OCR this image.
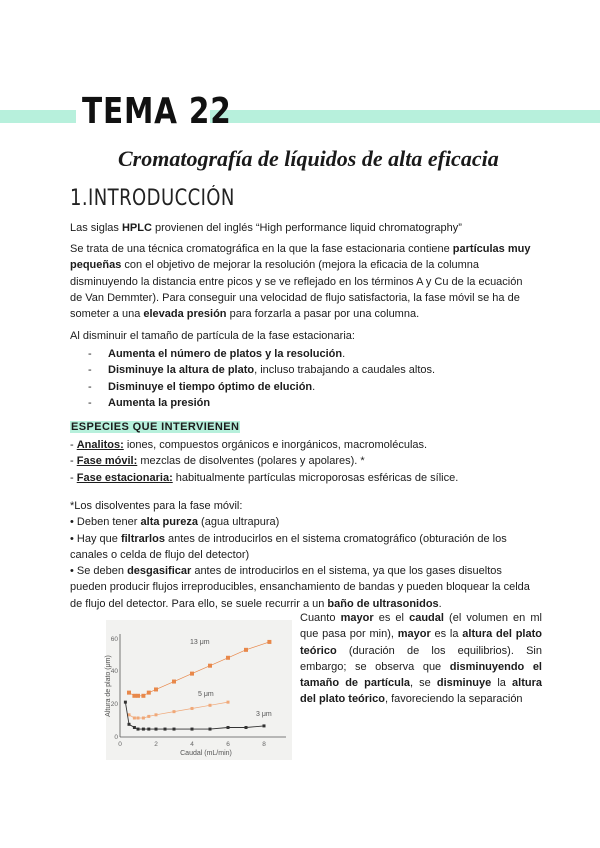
TEMA 22
Cromatografía de líquidos de alta eficacia
1.INTRODUCCIÓN
Las siglas HPLC provienen del inglés “High performance liquid chromatography”
Se trata de una técnica cromatográfica en la que la fase estacionaria contiene partículas muy
pequeñas con el objetivo de mejorar la resolución (mejora la eficacia de la columna
disminuyendo la distancia entre picos y se ve reflejado en los términos A y Cu de la ecuación
de Van Demmter). Para conseguir una velocidad de flujo satisfactoria, la fase móvil se ha de
someter a una elevada presión para forzarla a pasar por una columna.
Al disminuir el tamaño de partícula de la fase estacionaria:
- Aumenta el número de platos y la resolución.
- Disminuye la altura de plato, incluso trabajando a caudales altos.
- Disminuye el tiempo óptimo de elución.
- Aumenta la presión
ESPECIES QUE INTERVIENEN
- Analitos: iones, compuestos orgánicos e inorgánicos, macromoléculas.
- Fase móvil: mezclas de disolventes (polares y apolares). *
- Fase estacionaria: habitualmente partículas microporosas esféricas de sílice.
*Los disolventes para la fase móvil:
• Deben tener alta pureza (agua ultrapura)
• Hay que filtrarlos antes de introducirlos en el sistema cromatográfico (obturación de los
canales o celda de flujo del detector)
• Se deben desgasificar antes de introducirlos en el sistema, ya que los gases disueltos
pueden producir flujos irreproducibles, ensanchamiento de bandas y pueden bloquear la celda
de flujo del detector. Para ello, se suele recurrir a un baño de ultrasonidos.
Altura de plato (μm)
Caudal (mL/min)
60
40
20
0
0	2	4	6	8
13 μm
5 μm
3 μm
Cuanto mayor es el caudal (el volumen en ml que pasa por min), mayor es la altura del plato teórico (duración de los equilibrios). Sin embargo; se observa que disminuyendo el tamaño de partícula, se disminuye la altura del plato teórico, favoreciendo la separación
